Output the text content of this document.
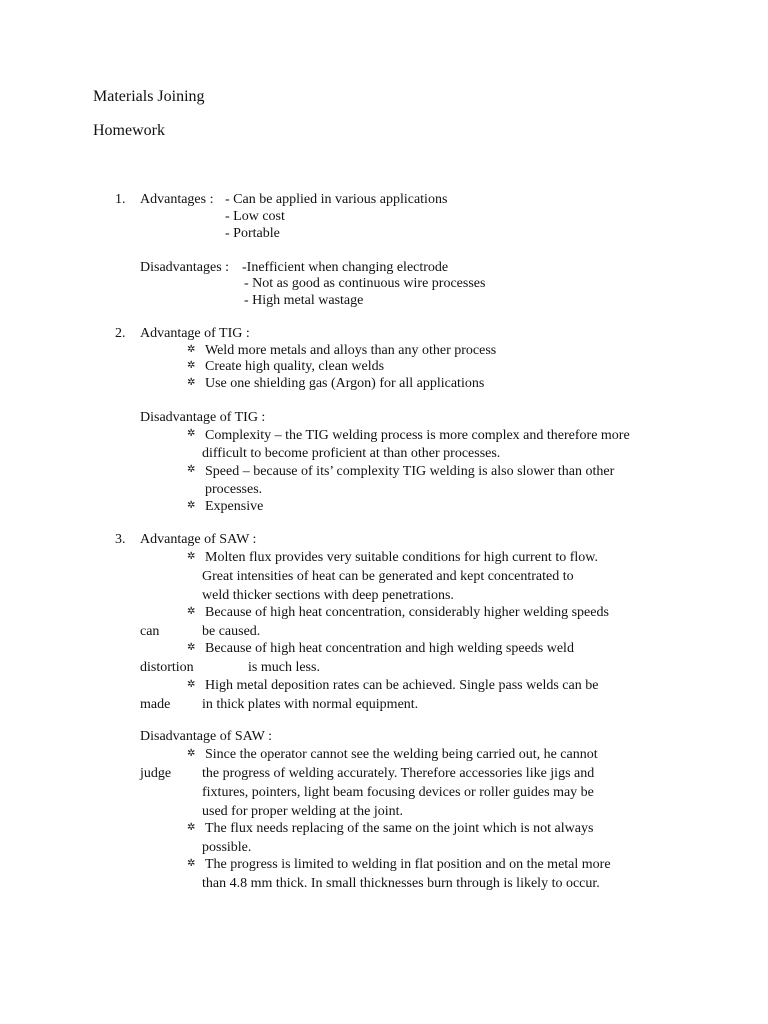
Materials Joining
Homework
1. Advantages : - Can be applied in various applications
- Low cost
- Portable
Disadvantages : -Inefficient when changing electrode
- Not as good as continuous wire processes
- High metal wastage
2. Advantage of TIG :
✲ Weld more metals and alloys than any other process
✲ Create high quality, clean welds
✲ Use one shielding gas (Argon) for all applications
Disadvantage of TIG :
✲ Complexity – the TIG welding process is more complex and therefore more
difficult to become proficient at than other processes.
✲ Speed – because of its’ complexity TIG welding is also slower than other
processes.
✲ Expensive
3. Advantage of SAW :
✲ Molten flux provides very suitable conditions for high current to flow.
Great intensities of heat can be generated and kept concentrated to
weld thicker sections with deep penetrations.
✲ Because of high heat concentration, considerably higher welding speeds
can	be caused.
✲ Because of high heat concentration and high welding speeds weld
distortion	is much less.
✲ High metal deposition rates can be achieved. Single pass welds can be
made in thick plates with normal equipment.
Disadvantage of SAW :
✲ Since the operator cannot see the welding being carried out, he cannot
judge the progress of welding accurately. Therefore accessories like jigs and
fixtures, pointers, light beam focusing devices or roller guides may be
used for proper welding at the joint.
✲ The flux needs replacing of the same on the joint which is not always
possible.
✲ The progress is limited to welding in flat position and on the metal more
than 4.8 mm thick. In small thicknesses burn through is likely to occur.
